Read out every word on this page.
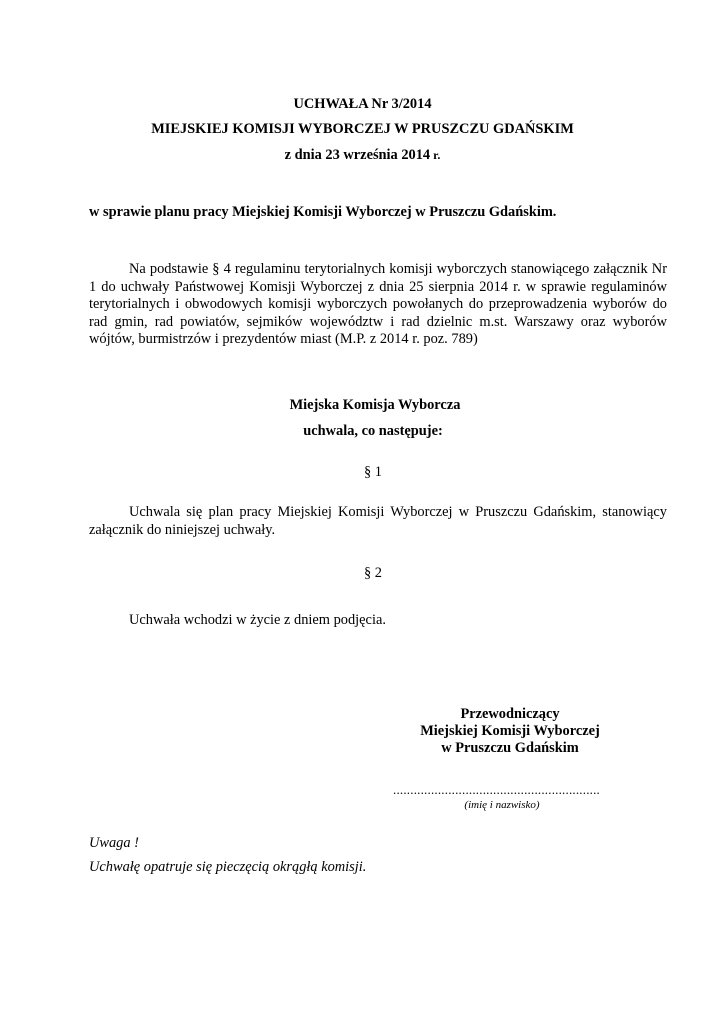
UCHWAŁA Nr 3/2014
MIEJSKIEJ KOMISJI WYBORCZEJ W PRUSZCZU GDAŃSKIM
z dnia 23 września 2014 r.
w sprawie planu pracy Miejskiej Komisji Wyborczej w Pruszczu Gdańskim.
Na podstawie § 4 regulaminu terytorialnych komisji wyborczych stanowiącego załącznik Nr 1 do uchwały Państwowej Komisji Wyborczej z dnia 25 sierpnia 2014 r. w sprawie regulaminów terytorialnych i obwodowych komisji wyborczych powołanych do przeprowadzenia wyborów do rad gmin, rad powiatów, sejmików województw i rad dzielnic m.st. Warszawy oraz wyborów wójtów, burmistrzów i prezydentów miast (M.P. z 2014 r. poz. 789)
Miejska Komisja Wyborcza
uchwala, co następuje:
§ 1
Uchwala się plan pracy Miejskiej Komisji Wyborczej w Pruszczu Gdańskim, stanowiący załącznik do niniejszej uchwały.
§ 2
Uchwała wchodzi w życie z dniem podjęcia.
Przewodniczący
Miejskiej Komisji Wyborczej
w Pruszczu Gdańskim
............................................................
(imię i nazwisko)
Uwaga !
Uchwałę opatruje się pieczęcią okrągłą komisji.
